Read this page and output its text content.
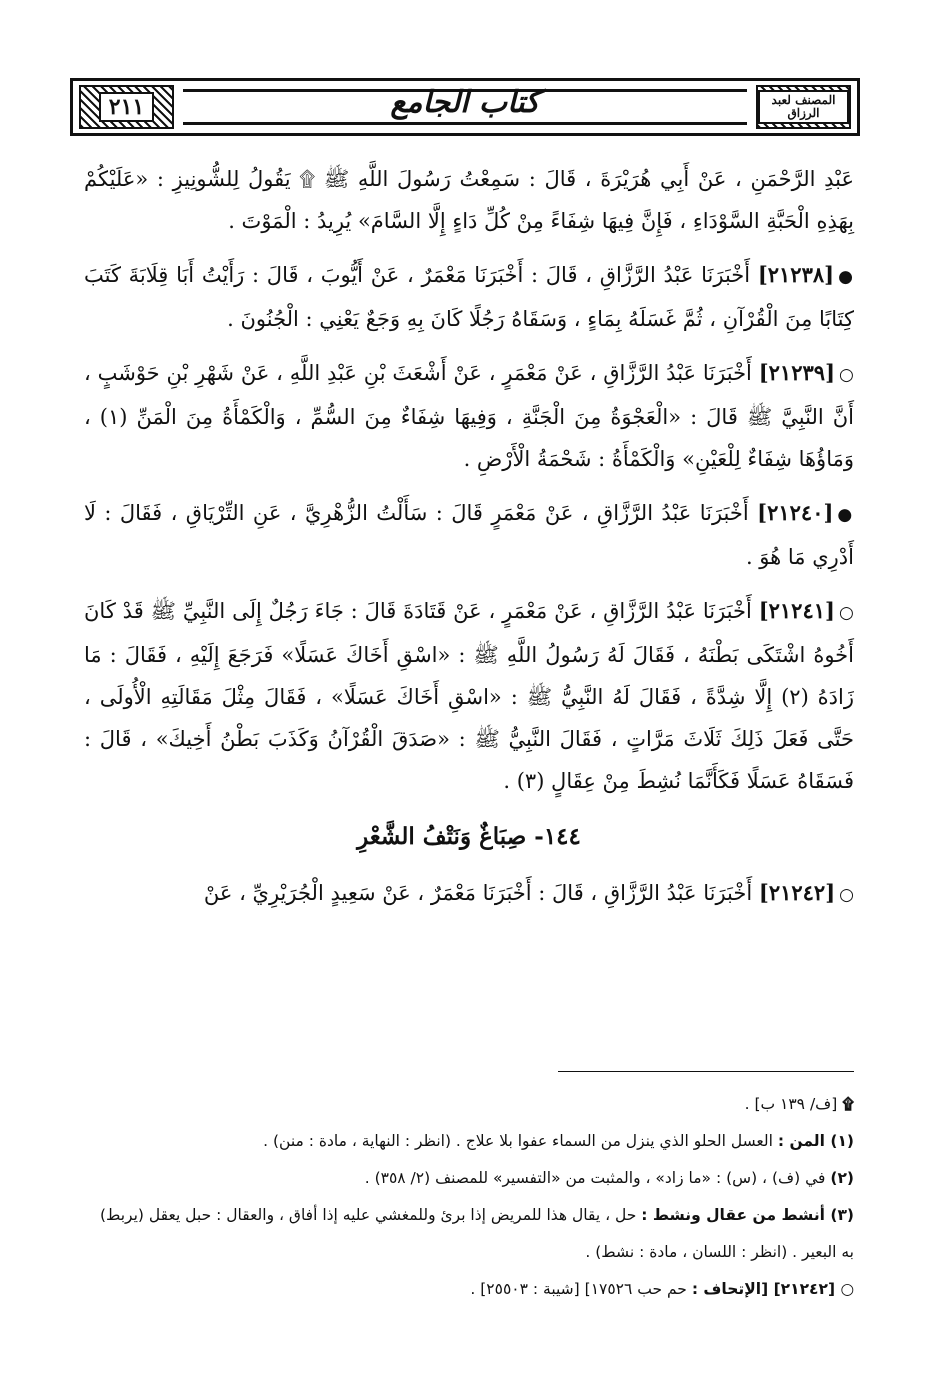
٢١١	كتاب الجامع	المصنف لعبد الرزاق

عَبْدِ الرَّحْمَنِ ، عَنْ أَبِي هُرَيْرَةَ ، قَالَ : سَمِعْتُ رَسُولَ اللَّهِ ﷺ ۩ يَقُولُ لِلشُّونِيزِ : «عَلَيْكُمْ بِهَذِهِ الْحَبَّةِ السَّوْدَاءِ ، فَإِنَّ فِيهَا شِفَاءً مِنْ كُلِّ دَاءٍ إِلَّا السَّامَ» يُرِيدُ : الْمَوْتَ .

●[٢١٢٣٨] أَخْبَرَنَا عَبْدُ الرَّزَّاقِ ، قَالَ : أَخْبَرَنَا مَعْمَرٌ ، عَنْ أَيُّوبَ ، قَالَ : رَأَيْتُ أَبَا قِلَابَةَ كَتَبَ كِتَابًا مِنَ الْقُرْآنِ ، ثُمَّ غَسَلَهُ بِمَاءٍ ، وَسَقَاهُ رَجُلًا كَانَ بِهِ وَجَعٌ يَعْنِي : الْجُنُونَ .

○[٢١٢٣٩] أَخْبَرَنَا عَبْدُ الرَّزَّاقِ ، عَنْ مَعْمَرٍ ، عَنْ أَشْعَثَ بْنِ عَبْدِ اللَّهِ ، عَنْ شَهْرِ بْنِ حَوْشَبٍ ، أَنَّ النَّبِيَّ ﷺ قَالَ : «الْعَجْوَةُ مِنَ الْجَنَّةِ ، وَفِيهَا شِفَاءٌ مِنَ السُّمِّ ، وَالْكَمْأَةُ مِنَ الْمَنِّ (١) ، وَمَاؤُهَا شِفَاءٌ لِلْعَيْنِ» وَالْكَمْأَةُ : شَحْمَةُ الْأَرْضِ .

●[٢١٢٤٠] أَخْبَرَنَا عَبْدُ الرَّزَّاقِ ، عَنْ مَعْمَرٍ قَالَ : سَأَلْتُ الزُّهْرِيَّ ، عَنِ التِّرْيَاقِ ، فَقَالَ : لَا أَدْرِي مَا هُوَ .

○[٢١٢٤١] أَخْبَرَنَا عَبْدُ الرَّزَّاقِ ، عَنْ مَعْمَرٍ ، عَنْ قَتَادَةَ قَالَ : جَاءَ رَجُلٌ إِلَى النَّبِيِّ ﷺ قَدْ كَانَ أَخُوهُ اشْتَكَى بَطْنَهُ ، فَقَالَ لَهُ رَسُولُ اللَّهِ ﷺ : «اسْقِ أَخَاكَ عَسَلًا» فَرَجَعَ إِلَيْهِ ، فَقَالَ : مَا زَادَهُ (٢) إِلَّا شِدَّةً ، فَقَالَ لَهُ النَّبِيُّ ﷺ : «اسْقِ أَخَاكَ عَسَلًا» ، فَقَالَ مِثْلَ مَقَالَتِهِ الْأُولَى ، حَتَّى فَعَلَ ذَلِكَ ثَلَاثَ مَرَّاتٍ ، فَقَالَ النَّبِيُّ ﷺ : «صَدَقَ الْقُرْآنُ وَكَذَبَ بَطْنُ أَخِيكَ» ، قَالَ : فَسَقَاهُ عَسَلًا فَكَأَنَّمَا نُشِطَ مِنْ عِقَالٍ (٣) .

١٤٤- صِبَاغٌ وَنَتْفُ الشَّعْرِ

○[٢١٢٤٢] أَخْبَرَنَا عَبْدُ الرَّزَّاقِ ، قَالَ : أَخْبَرَنَا مَعْمَرٌ ، عَنْ سَعِيدٍ الْجُرَيْرِيِّ ، عَنْ

۩ [ف/ ١٣٩ ب] .

(١) المن : العسل الحلو الذي ينزل من السماء عفوا بلا علاج . (انظر : النهاية ، مادة : منن) .

(٢) في (ف) ، (س) : «ما زاد» ، والمثبت من «التفسير» للمصنف (٢/ ٣٥٨) .

(٣) أنشط من عقال ونشط : حل ، يقال هذا للمريض إذا برئ وللمغشي عليه إذا أفاق ، والعقال : حبل يعقل (يربط) به البعير . (انظر : اللسان ، مادة : نشط) .

○ [٢١٢٤٢] [الإتحاف : حم حب ١٧٥٢٦] [شيبة : ٢٥٥٠٣] .
